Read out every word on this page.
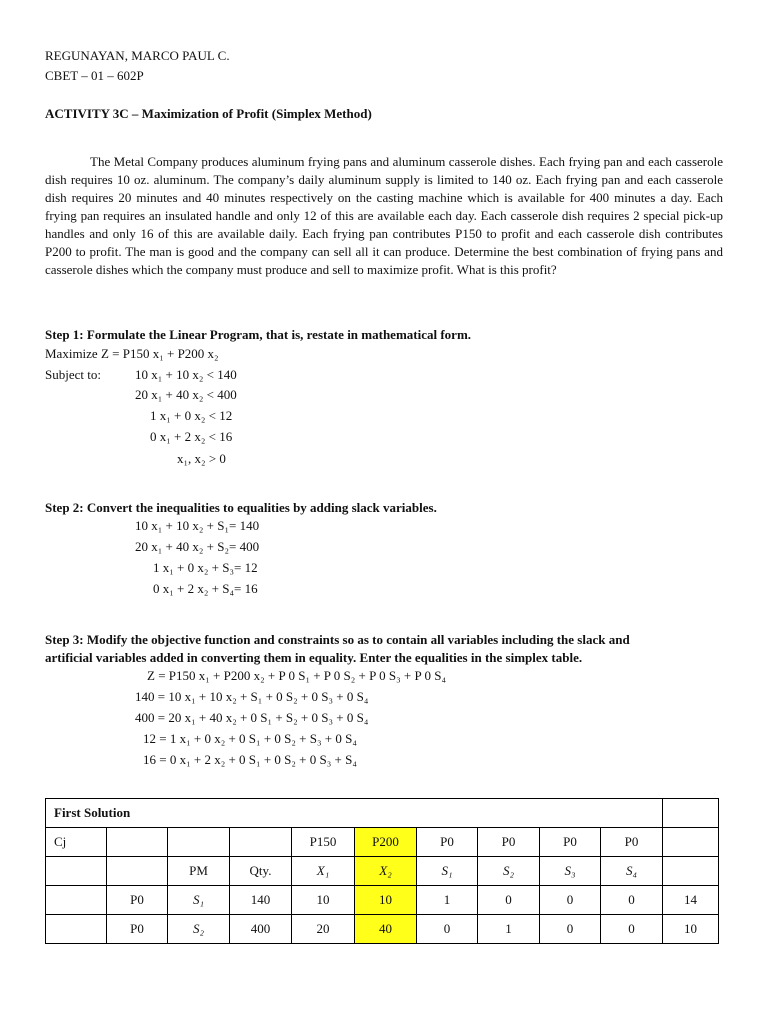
REGUNAYAN, MARCO PAUL C.
CBET – 01 – 602P
ACTIVITY 3C – Maximization of Profit (Simplex Method)
The Metal Company produces aluminum frying pans and aluminum casserole dishes. Each frying pan and each casserole dish requires 10 oz. aluminum. The company’s daily aluminum supply is limited to 140 oz. Each frying pan and each casserole dish requires 20 minutes and 40 minutes respectively on the casting machine which is available for 400 minutes a day. Each frying pan requires an insulated handle and only 12 of this are available each day. Each casserole dish requires 2 special pick-up handles and only 16 of this are available daily. Each frying pan contributes P150 to profit and each casserole dish contributes P200 to profit. The man is good and the company can sell all it can produce. Determine the best combination of frying pans and casserole dishes which the company must produce and sell to maximize profit. What is this profit?
Step 1: Formulate the Linear Program, that is, restate in mathematical form.
Maximize Z = P150 x₁ + P200 x₂
Subject to:	10 x₁ + 10 x₂ < 140
20 x₁ + 40 x₂ < 400
1 x₁ + 0 x₂ < 12
0 x₁ + 2 x₂ < 16
x₁, x₂ > 0
Step 2: Convert the inequalities to equalities by adding slack variables.
10 x₁ + 10 x₂ + S₁= 140
20 x₁ + 40 x₂ + S₂= 400
1 x₁ + 0 x₂ + S₃= 12
0 x₁ + 2 x₂ + S₄= 16
Step 3: Modify the objective function and constraints so as to contain all variables including the slack and
artificial variables added in converting them in equality. Enter the equalities in the simplex table.
Z = P150 x₁ + P200 x₂ + P 0 S₁ + P 0 S₂ + P 0 S₃ + P 0 S₄
140 = 10 x₁ + 10 x₂ + S₁ + 0 S₂ + 0 S₃ + 0 S₄
400 = 20 x₁ + 40 x₂ + 0 S₁ + S₂ + 0 S₃ + 0 S₄
12 = 1 x₁ + 0 x₂ + 0 S₁ + 0 S₂ + S₃ + 0 S₄
16 = 0 x₁ + 2 x₂ + 0 S₁ + 0 S₂ + 0 S₃ + S₄
First Solution										
Cj				P150	P200	P0	P0	P0	P0	
		PM	Qty.	X₁	X₂	S₁	S₂	S₃	S₄	
	P0	S₁	140	10	10	1	0	0	0	14
	P0	S₂	400	20	40	0	1	0	0	10
